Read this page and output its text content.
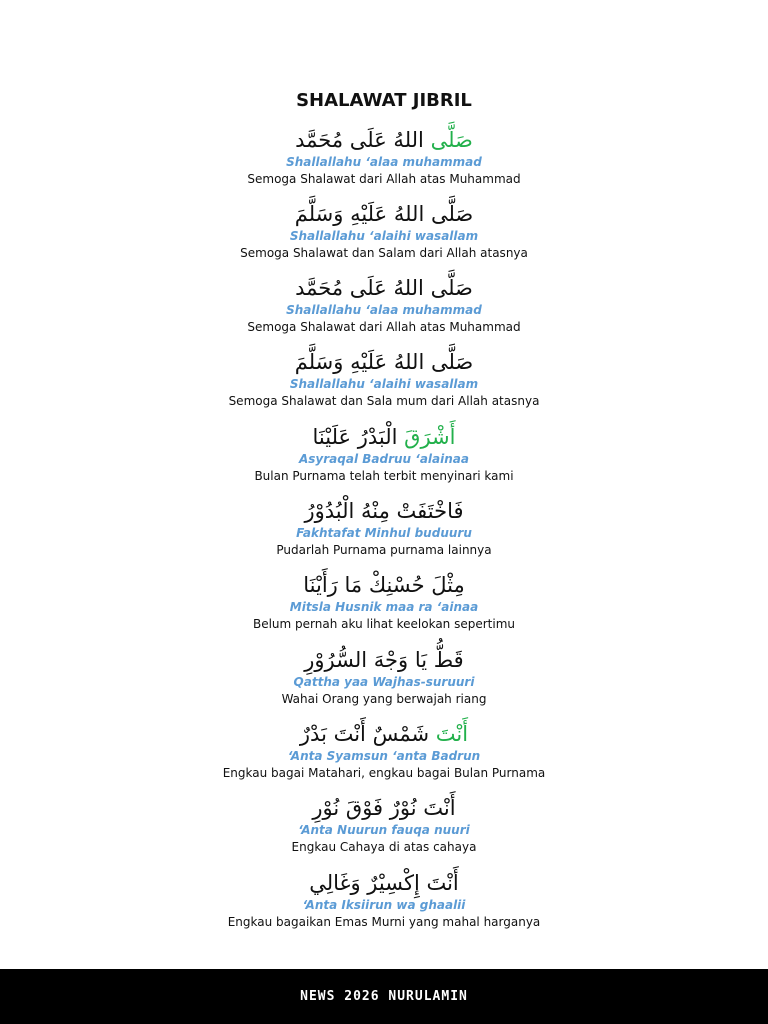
SHALAWAT JIBRIL
صَلَّى اللهُ عَلَى مُحَمَّد
Shallallahu ‘alaa muhammad
Semoga Shalawat dari Allah atas Muhammad
صَلَّى اللهُ عَلَيْهِ وَسَلَّمَ
Shallallahu ‘alaihi wasallam
Semoga Shalawat dan Salam dari Allah atasnya
صَلَّى اللهُ عَلَى مُحَمَّد
Shallallahu ‘alaa muhammad
Semoga Shalawat dari Allah atas Muhammad
صَلَّى اللهُ عَلَيْهِ وَسَلَّمَ
Shallallahu ‘alaihi wasallam
Semoga Shalawat dan Sala mum dari Allah atasnya
أَشْرَقَ الْبَدْرُ عَلَيْنَا
Asyraqal Badruu ‘alainaa
Bulan Purnama telah terbit menyinari kami
فَاخْتَفَتْ مِنْهُ الْبُدُوْرُ
Fakhtafat Minhul buduuru
Pudarlah Purnama purnama lainnya
مِثْلَ حُسْنِكْ مَا رَأَيْنَا
Mitsla Husnik maa ra ‘ainaa
Belum pernah aku lihat keelokan sepertimu
قَطُّ يَا وَجْهَ السُّرُوْرِ
Qattha yaa Wajhas-suruuri
Wahai Orang yang berwajah riang
أَنْتَ شَمْسٌ أَنْتَ بَدْرٌ
‘Anta Syamsun ‘anta Badrun
Engkau bagai Matahari, engkau bagai Bulan Purnama
أَنْتَ نُوْرٌ فَوْقَ نُوْرِ
‘Anta Nuurun fauqa nuuri
Engkau Cahaya di atas cahaya
أَنْتَ إِكْسِيْرٌ وَغَالِي
‘Anta Iksiirun wa ghaalii
Engkau bagaikan Emas Murni yang mahal harganya
NEWS 2026 NURULAMIN
